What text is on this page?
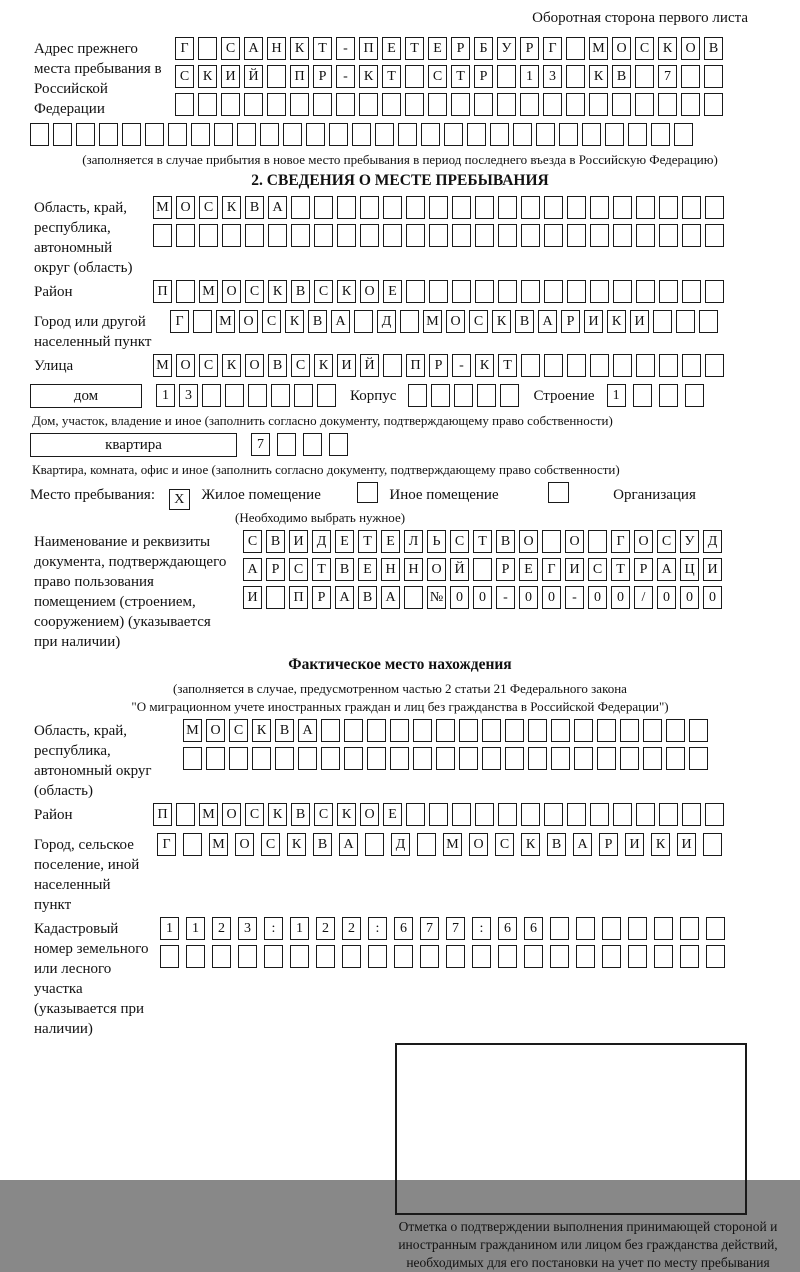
Оборотная сторона первого листа
Адрес прежнего места пребывания в Российской Федерации
Г	С А Н К Т - П Е Т Е Р Б У Р Г	М О С К О В
С К И Й	П Р - К Т	С Т Р	1 3	К В	7
(заполняется в случае прибытия в новое место пребывания в период последнего въезда в Российскую Федерацию)
2. СВЕДЕНИЯ О МЕСТЕ ПРЕБЫВАНИЯ
Область, край, республика, автономный округ (область)
М О С К В А
Район	П М О С К В С К О Е
Город или другой населенный пункт
Г	М О С К В А	Д М О С К В А Р И К И
Улица	М О С К О В С К И Й	П Р - К Т
дом	1 3	Корпус	Строение 1
Дом, участок, владение и иное (заполнить согласно документу, подтверждающему право собственности)
квартира	7
Квартира, комната, офис и иное (заполнить согласно документу, подтверждающему право собственности)
Место пребывания: X Жилое помещение	Иное помещение	Организация
(Необходимо выбрать нужное)
Наименование и реквизиты документа, подтверждающего право пользования помещением (строением, сооружением) (указывается при наличии)
С В И Д Е Т Е Л Ь С Т В О	О	Г О С У Д
А Р С Т В Е Н Н О Й	Р Е Г И С Т Р А Ц И
И	П Р А В А № 0 0 - 0 0 - 0 0 / 0 0 0
Фактическое место нахождения
(заполняется в случае, предусмотренном частью 2 статьи 21 Федерального закона
"О миграционном учете иностранных граждан и лиц без гражданства в Российской Федерации")
Область, край, республика, автономный округ (область)
М О С К В А
Район	П М О С К В С К О Е
Город, сельское поселение, иной населенный пункт
Г	М О С К В А	Д	М О С К В А Р И К И
Кадастровый номер земельного или лесного участка (указывается при наличии)
1 1 2 3 : 1 2 2 : 6 7 7 : 6 6
Отметка о подтверждении выполнения принимающей стороной и иностранным гражданином или лицом без гражданства действий, необходимых для его постановки на учет по месту пребывания
